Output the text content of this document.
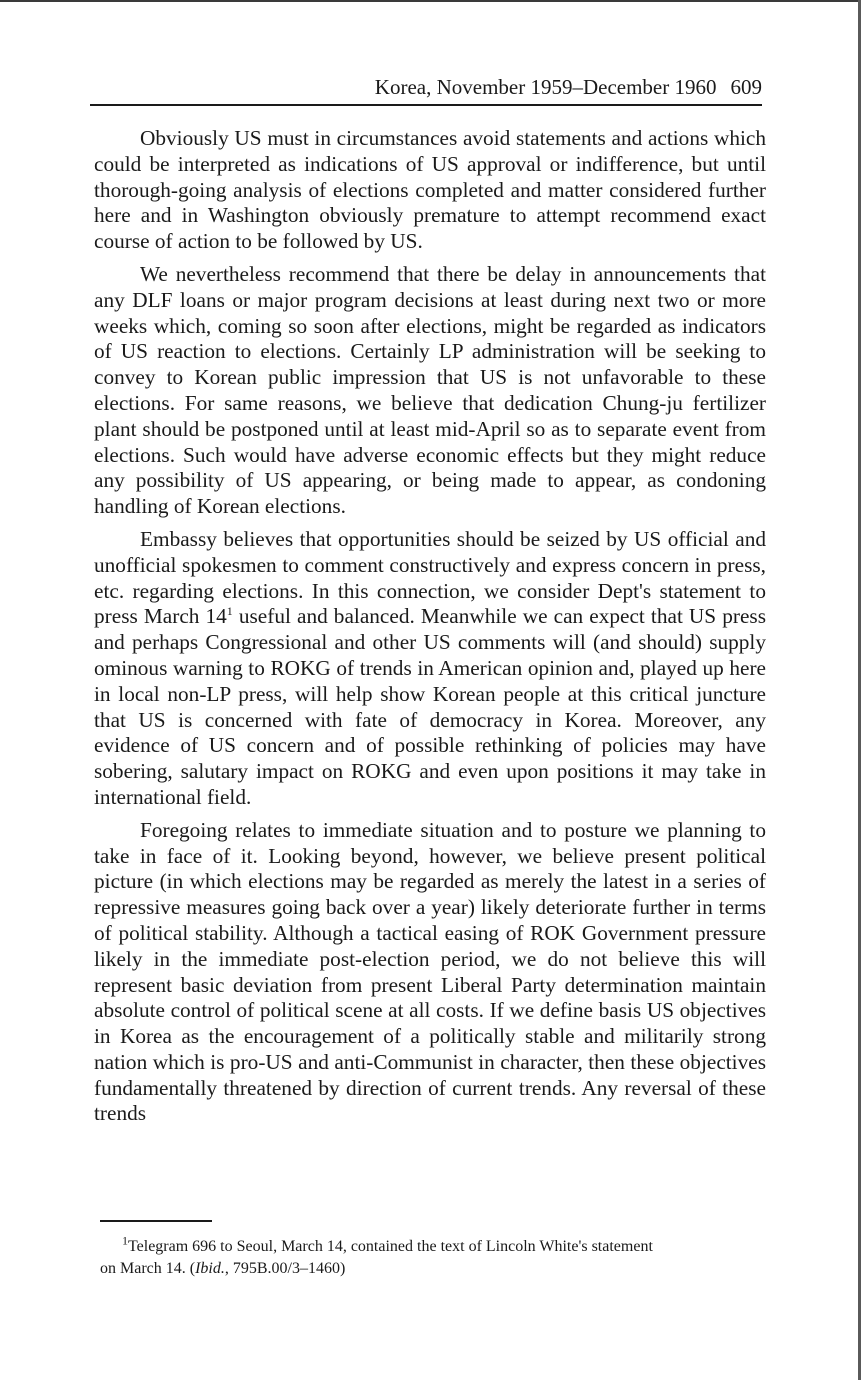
Korea, November 1959–December 1960 609

Obviously US must in circumstances avoid statements and actions which could be interpreted as indications of US approval or indifference, but until thorough-going analysis of elections completed and matter considered further here and in Washington obviously premature to attempt recommend exact course of action to be followed by US.

We nevertheless recommend that there be delay in announcements that any DLF loans or major program decisions at least during next two or more weeks which, coming so soon after elections, might be regarded as indicators of US reaction to elections. Certainly LP administration will be seeking to convey to Korean public impression that US is not unfavorable to these elections. For same reasons, we believe that dedication Chung-ju fertilizer plant should be postponed until at least mid-April so as to separate event from elections. Such would have adverse economic effects but they might reduce any possibility of US appearing, or being made to appear, as condoning handling of Korean elections.

Embassy believes that opportunities should be seized by US official and unofficial spokesmen to comment constructively and express concern in press, etc. regarding elections. In this connection, we consider Dept's statement to press March $14^1$ useful and balanced. Meanwhile we can expect that US press and perhaps Congressional and other US comments will (and should) supply ominous warning to ROKG of trends in American opinion and, played up here in local non-LP press, will help show Korean people at this critical juncture that US is concerned with fate of democracy in Korea. Moreover, any evidence of US concern and of possible rethinking of policies may have sobering, salutary impact on ROKG and even upon positions it may take in international field.

Foregoing relates to immediate situation and to posture we planning to take in face of it. Looking beyond, however, we believe present political picture (in which elections may be regarded as merely the latest in a series of repressive measures going back over a year) likely deteriorate further in terms of political stability. Although a tactical easing of ROK Government pressure likely in the immediate post-election period, we do not believe this will represent basic deviation from present Liberal Party determination maintain absolute control of political scene at all costs. If we define basis US objectives in Korea as the encouragement of a politically stable and militarily strong nation which is pro-US and anti-Communist in character, then these objectives fundamentally threatened by direction of current trends. Any reversal of these trends

$^1$Telegram 696 to Seoul, March 14, contained the text of Lincoln White's statement
on March 14. (Ibid., 795B.00/3–1460)
